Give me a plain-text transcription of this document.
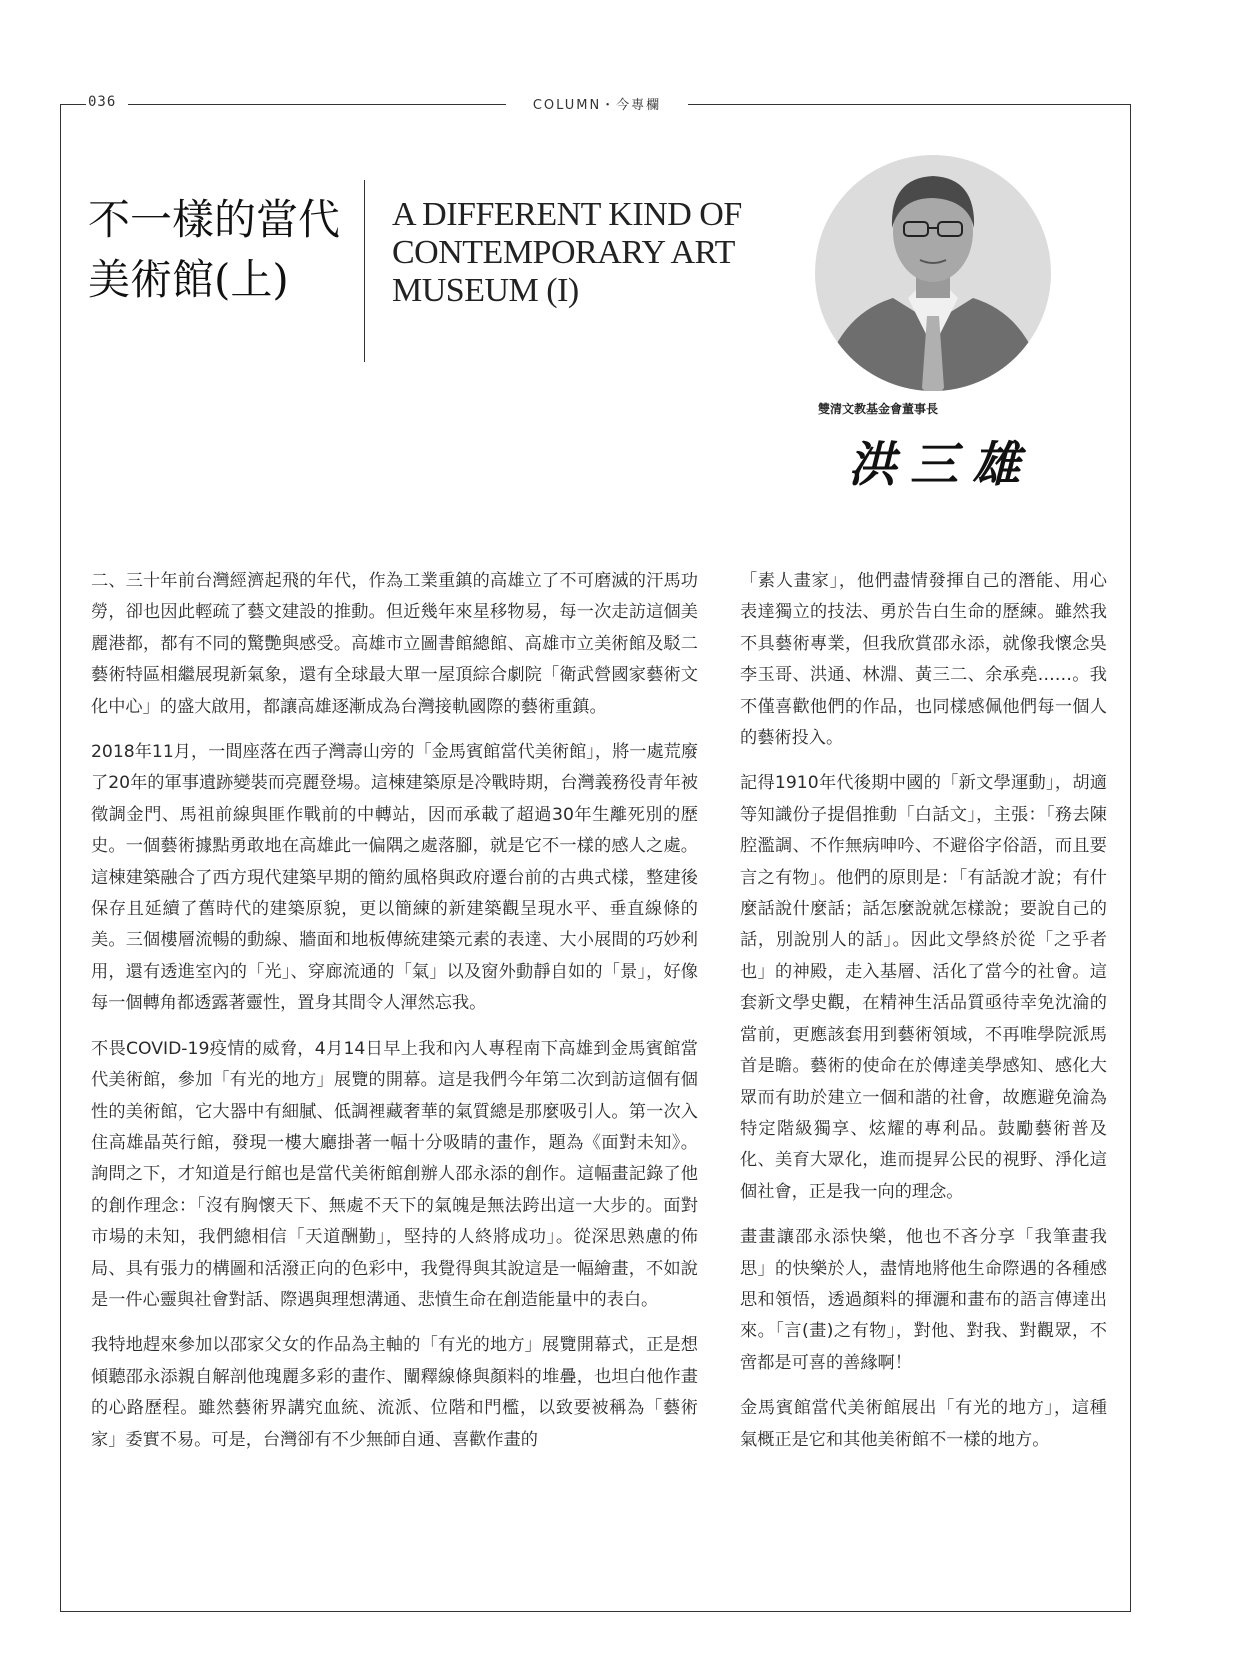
036	COLUMN・今專欄
不一樣的當代
美術館(上)
A DIFFERENT KIND OF
CONTEMPORARY ART
MUSEUM (I)
雙清文教基金會董事長
洪三雄

二、三十年前台灣經濟起飛的年代，作為工業重鎮的高雄立了不可磨滅的汗馬功勞，卻也因此輕疏了藝文建設的推動。但近幾年來星移物易，每一次走訪這個美麗港都，都有不同的驚艷與感受。高雄市立圖書館總館、高雄市立美術館及駁二藝術特區相繼展現新氣象，還有全球最大單一屋頂綜合劇院「衛武營國家藝術文化中心」的盛大啟用，都讓高雄逐漸成為台灣接軌國際的藝術重鎮。

2018年11月，一間座落在西子灣壽山旁的「金馬賓館當代美術館」，將一處荒廢了20年的軍事遺跡變裝而亮麗登場。這棟建築原是冷戰時期，台灣義務役青年被徵調金門、馬祖前線與匪作戰前的中轉站，因而承載了超過30年生離死別的歷史。一個藝術據點勇敢地在高雄此一偏隅之處落腳，就是它不一樣的感人之處。這棟建築融合了西方現代建築早期的簡約風格與政府遷台前的古典式樣，整建後保存且延續了舊時代的建築原貌，更以簡練的新建築觀呈現水平、垂直線條的美。三個樓層流暢的動線、牆面和地板傳統建築元素的表達、大小展間的巧妙利用，還有透進室內的「光」、穿廊流通的「氣」以及窗外動靜自如的「景」，好像每一個轉角都透露著靈性，置身其間令人渾然忘我。

不畏COVID-19疫情的威脅，4月14日早上我和內人專程南下高雄到金馬賓館當代美術館，參加「有光的地方」展覽的開幕。這是我們今年第二次到訪這個有個性的美術館，它大器中有細膩、低調裡藏奢華的氣質總是那麼吸引人。第一次入住高雄晶英行館，發現一樓大廳掛著一幅十分吸睛的畫作，題為《面對未知》。詢問之下，才知道是行館也是當代美術館創辦人邵永添的創作。這幅畫記錄了他的創作理念：「沒有胸懷天下、無處不天下的氣魄是無法跨出這一大步的。面對市場的未知，我們總相信「天道酬勤」，堅持的人終將成功」。從深思熟慮的佈局、具有張力的構圖和活潑正向的色彩中，我覺得與其說這是一幅繪畫，不如說是一件心靈與社會對話、際遇與理想溝通、悲憤生命在創造能量中的表白。

我特地趕來參加以邵家父女的作品為主軸的「有光的地方」展覽開幕式，正是想傾聽邵永添親自解剖他瑰麗多彩的畫作、闡釋線條與顏料的堆疊，也坦白他作畫的心路歷程。雖然藝術界講究血統、流派、位階和門檻，以致要被稱為「藝術家」委實不易。可是，台灣卻有不少無師自通、喜歡作畫的

「素人畫家」，他們盡情發揮自己的潛能、用心表達獨立的技法、勇於告白生命的歷練。雖然我不具藝術專業，但我欣賞邵永添，就像我懷念吳李玉哥、洪通、林淵、黃三二、余承堯……。我不僅喜歡他們的作品，也同樣感佩他們每一個人的藝術投入。

記得1910年代後期中國的「新文學運動」，胡適等知識份子提倡推動「白話文」，主張：「務去陳腔濫調、不作無病呻吟、不避俗字俗語，而且要言之有物」。他們的原則是：「有話說才說；有什麼話說什麼話；話怎麼說就怎樣說；要說自己的話，別說別人的話」。因此文學終於從「之乎者也」的神殿，走入基層、活化了當今的社會。這套新文學史觀，在精神生活品質亟待幸免沈淪的當前，更應該套用到藝術領域，不再唯學院派馬首是瞻。藝術的使命在於傳達美學感知、感化大眾而有助於建立一個和諧的社會，故應避免淪為特定階級獨享、炫耀的專利品。鼓勵藝術普及化、美育大眾化，進而提昇公民的視野、淨化這個社會，正是我一向的理念。

畫畫讓邵永添快樂，他也不吝分享「我筆畫我思」的快樂於人，盡情地將他生命際遇的各種感思和領悟，透過顏料的揮灑和畫布的語言傳達出來。「言(畫)之有物」，對他、對我、對觀眾，不啻都是可喜的善緣啊！

金馬賓館當代美術館展出「有光的地方」，這種氣概正是它和其他美術館不一樣的地方。
